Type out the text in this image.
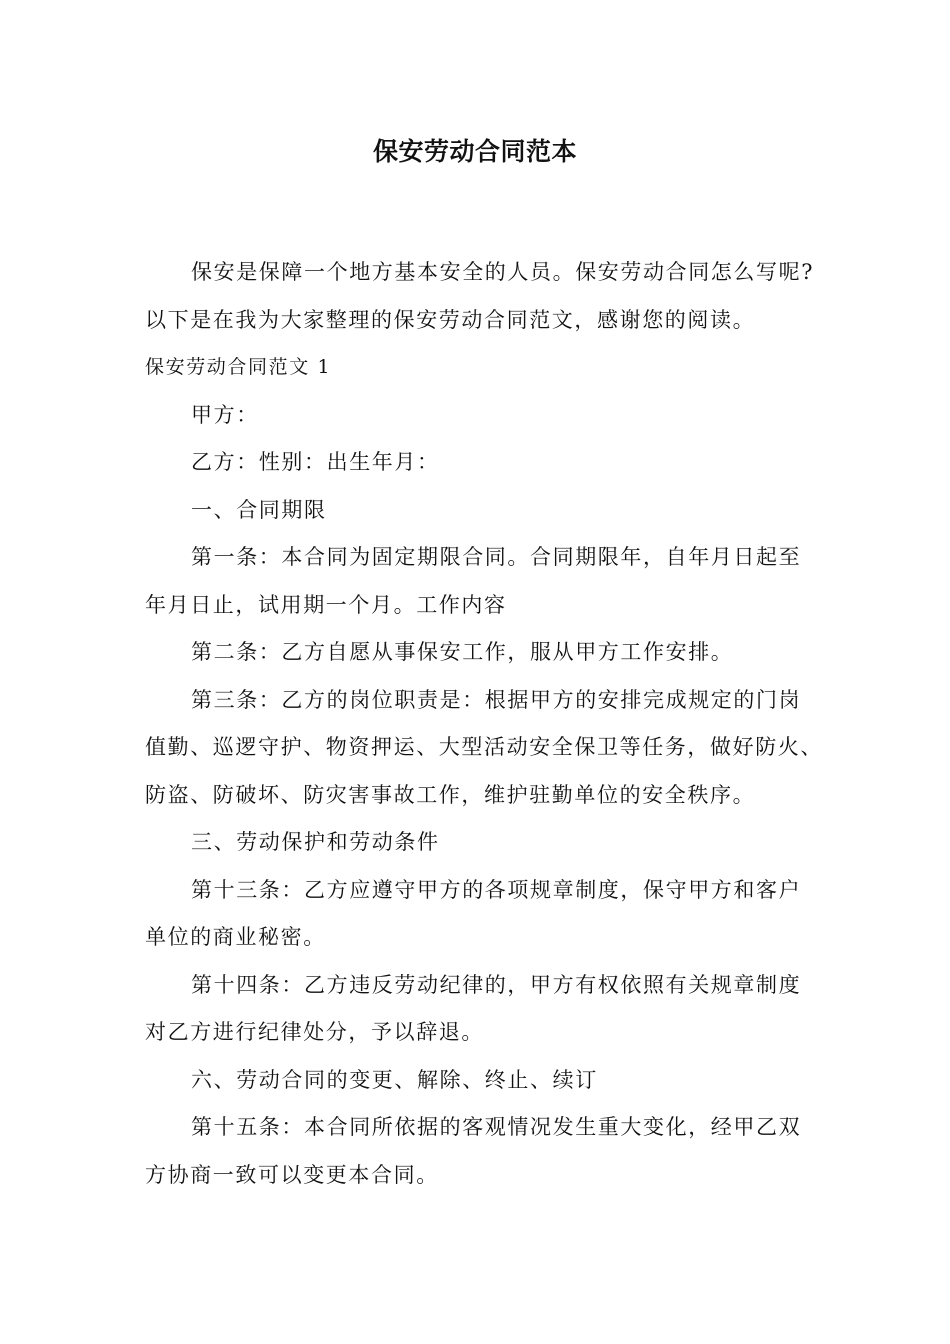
保安劳动合同范本

保安是保障一个地方基本安全的人员。保安劳动合同怎么写呢?

以下是在我为大家整理的保安劳动合同范文，感谢您的阅读。

保安劳动合同范文 1

甲方：

乙方：性别：出生年月：

一、合同期限

第一条：本合同为固定期限合同。合同期限年，自年月日起至

年月日止，试用期一个月。工作内容

第二条：乙方自愿从事保安工作，服从甲方工作安排。

第三条：乙方的岗位职责是：根据甲方的安排完成规定的门岗

值勤、巡逻守护、物资押运、大型活动安全保卫等任务，做好防火、

防盗、防破坏、防灾害事故工作，维护驻勤单位的安全秩序。

三、劳动保护和劳动条件

第十三条：乙方应遵守甲方的各项规章制度，保守甲方和客户

单位的商业秘密。

第十四条：乙方违反劳动纪律的，甲方有权依照有关规章制度

对乙方进行纪律处分，予以辞退。

六、劳动合同的变更、解除、终止、续订

第十五条：本合同所依据的客观情况发生重大变化，经甲乙双

方协商一致可以变更本合同。
